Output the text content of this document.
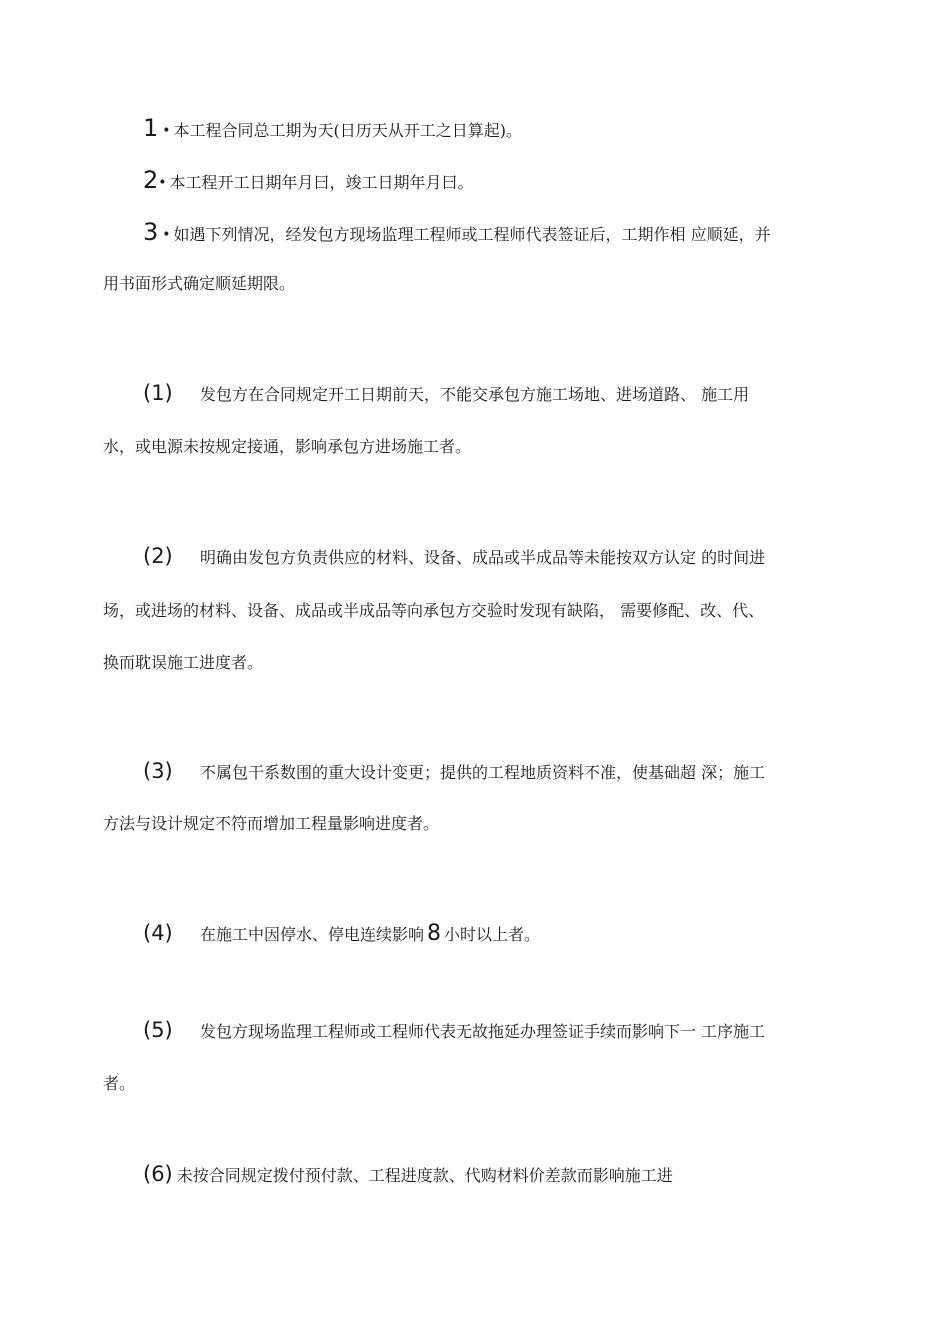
1 • 本工程合同总工期为天(日历天从开工之日算起)。
2• 本工程开工日期年月曰，竣工日期年月曰。
3 • 如遇下列情况，经发包方现场监理工程师或工程师代表签证后，工期作相 应顺延，并
用书面形式确定顺延期限。
(1) 发包方在合同规定开工日期前天，不能交承包方施工场地、进场道路、 施工用
水，或电源未按规定接通，影响承包方进场施工者。
(2) 明确由发包方负责供应的材料、设备、成品或半成品等未能按双方认定 的时间进
场，或进场的材料、设备、成品或半成品等向承包方交验时发现有缺陷， 需要修配、改、代、
换而耽误施工进度者。
(3) 不属包干系数围的重大设计变更；提供的工程地质资料不准，使基础超 深；施工
方法与设计规定不符而增加工程量影响进度者。
(4) 在施工中因停水、停电连续影响 8 小时以上者。
(5) 发包方现场监理工程师或工程师代表无故拖延办理签证手续而影响下一 工序施工
者。
(6) 未按合同规定拨付预付款、工程进度款、代购材料价差款而影响施工进
